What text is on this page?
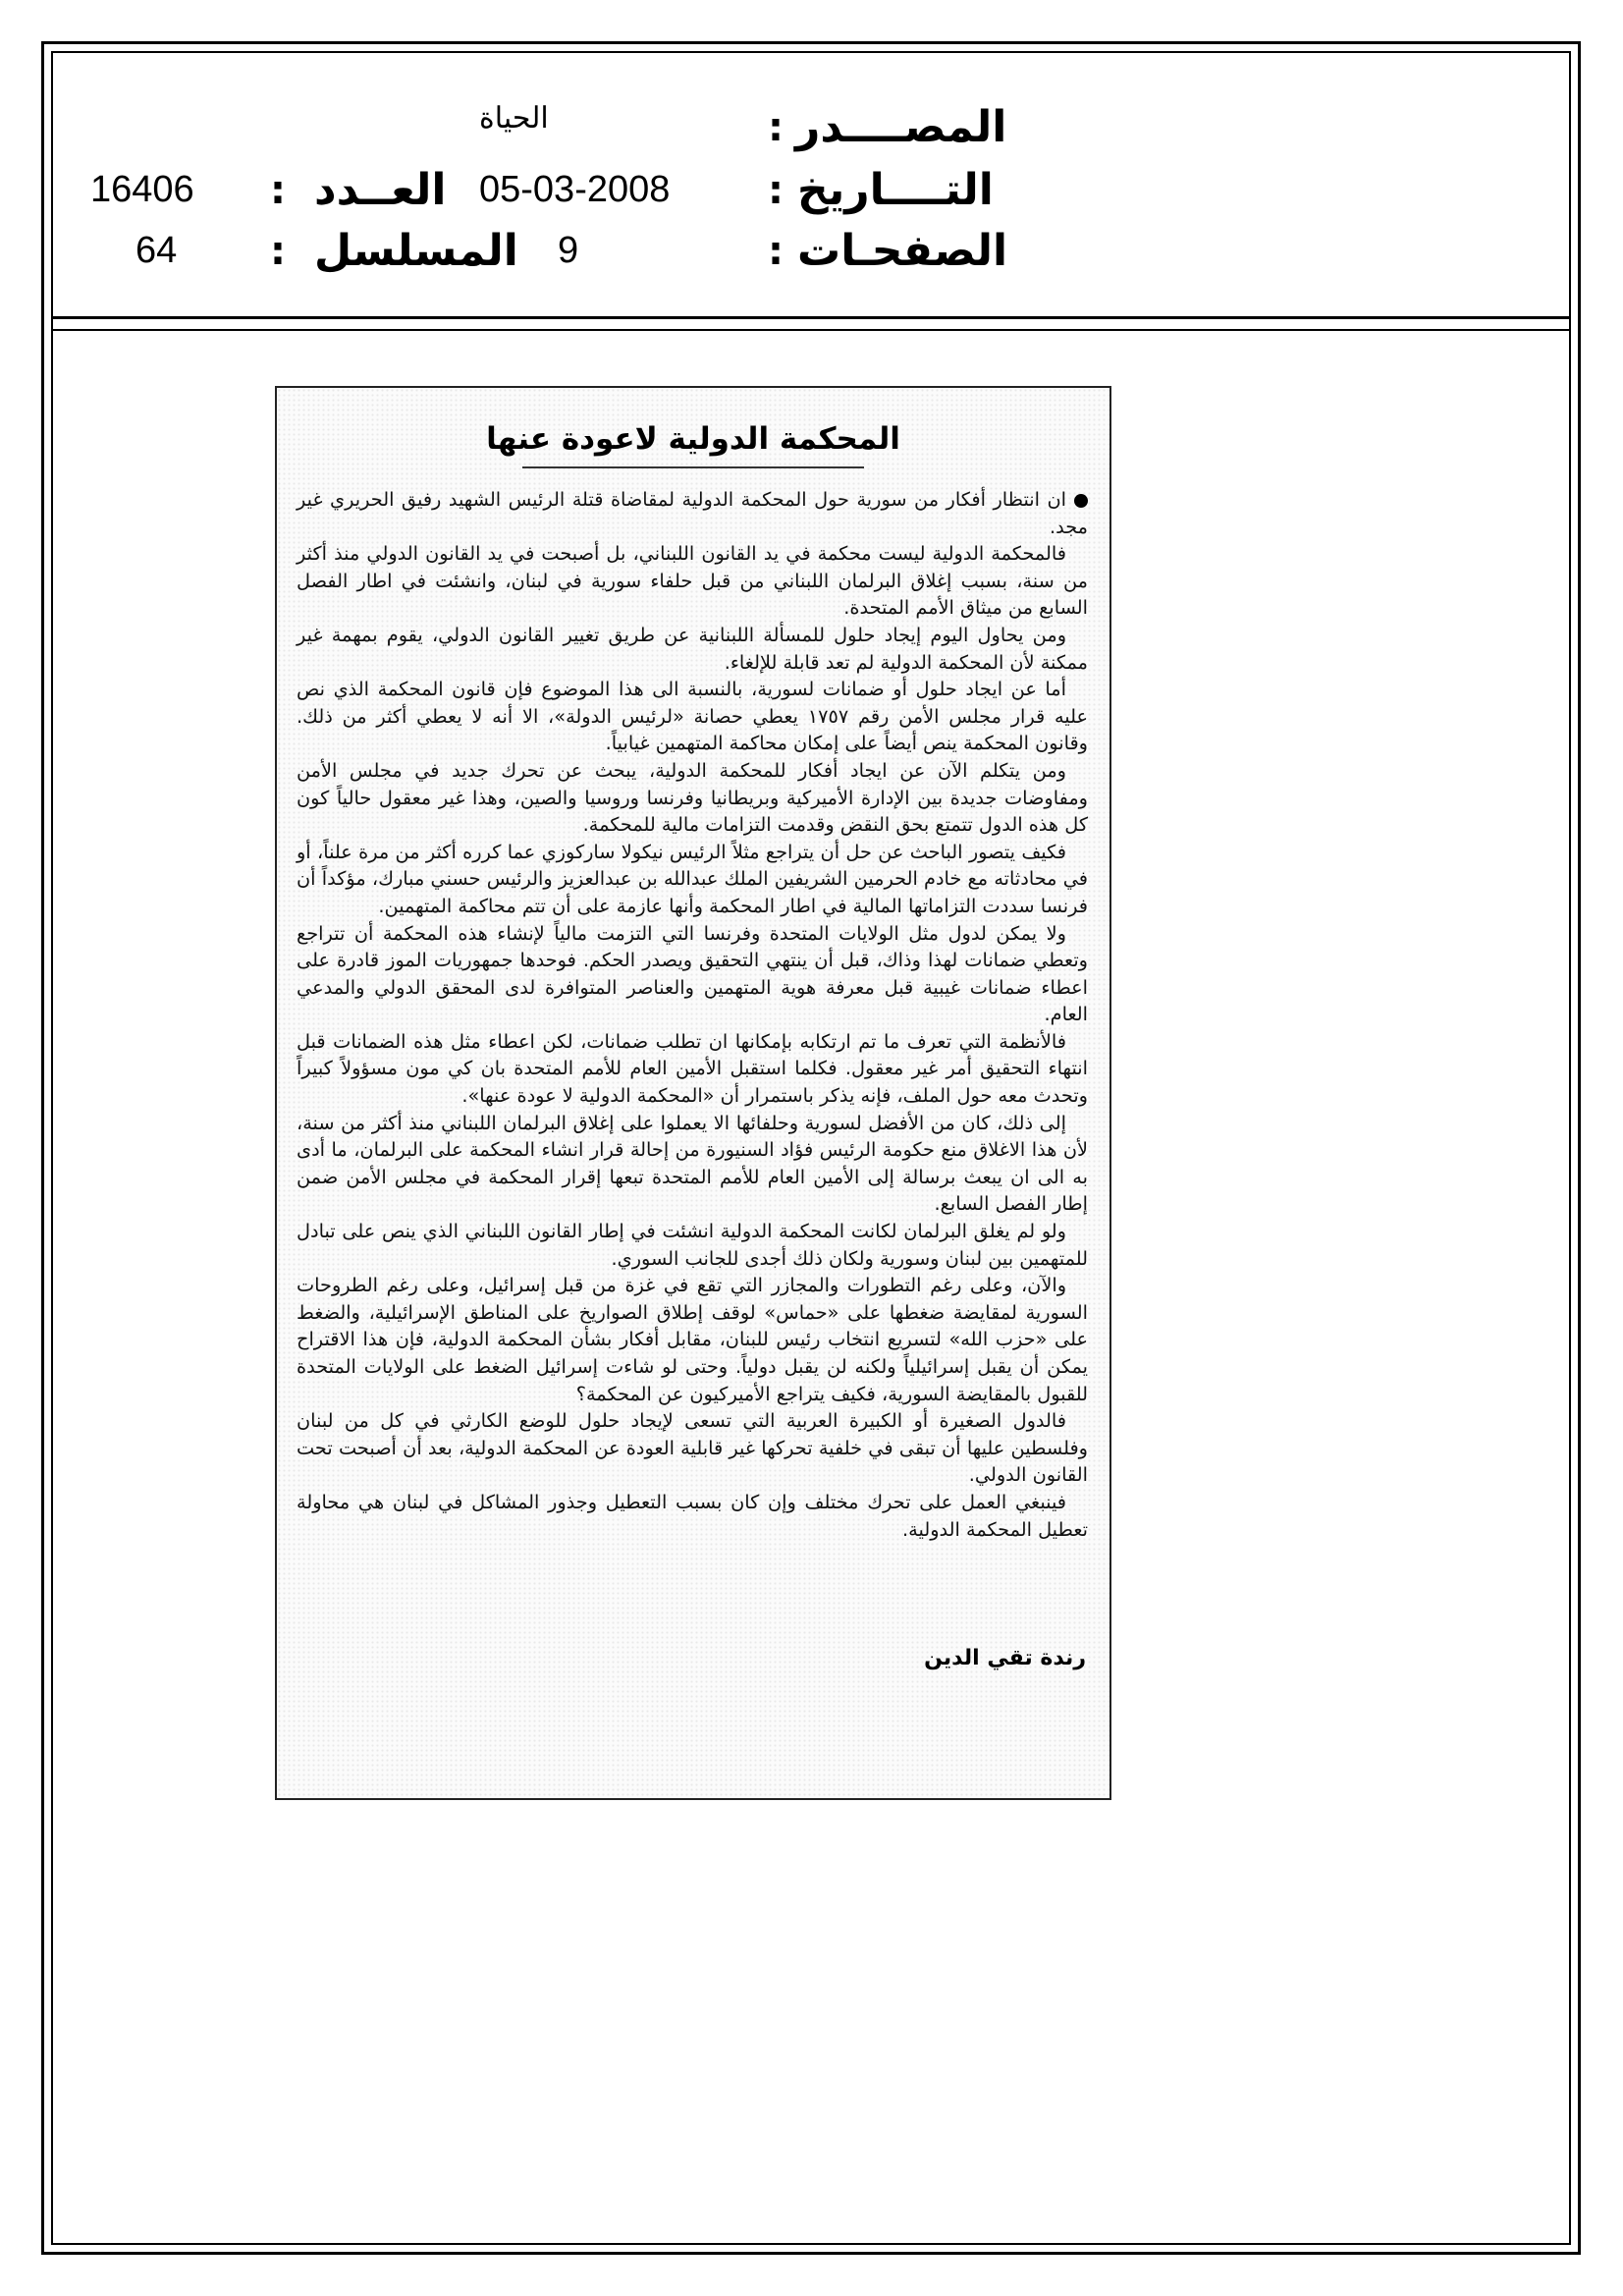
المصــــدر
:
الحياة
التــــاريخ
:
05-03-2008
العــدد
:
16406
الصفحـات
:
9
المسلسل
:
64
المحكمة الدولية لاعودة عنها

ان انتظار أفكار من سورية حول المحكمة الدولية لمقاضاة قتلة الرئيس الشهيد رفيق الحريري غير مجد.

فالمحكمة الدولية ليست محكمة في يد القانون اللبناني، بل أصبحت في يد القانون الدولي منذ أكثر من سنة، بسبب إغلاق البرلمان اللبناني من قبل حلفاء سورية في لبنان، وانشئت في اطار الفصل السابع من ميثاق الأمم المتحدة.

ومن يحاول اليوم إيجاد حلول للمسألة اللبنانية عن طريق تغيير القانون الدولي، يقوم بمهمة غير ممكنة لأن المحكمة الدولية لم تعد قابلة للإلغاء.

أما عن ايجاد حلول أو ضمانات لسورية، بالنسبة الى هذا الموضوع فإن قانون المحكمة الذي نص عليه قرار مجلس الأمن رقم ١٧٥٧ يعطي حصانة «لرئيس الدولة»، الا أنه لا يعطي أكثر من ذلك. وقانون المحكمة ينص أيضاً على إمكان محاكمة المتهمين غيابياً.

ومن يتكلم الآن عن ايجاد أفكار للمحكمة الدولية، يبحث عن تحرك جديد في مجلس الأمن ومفاوضات جديدة بين الإدارة الأميركية وبريطانيا وفرنسا وروسيا والصين، وهذا غير معقول حالياً كون كل هذه الدول تتمتع بحق النقض وقدمت التزامات مالية للمحكمة.

فكيف يتصور الباحث عن حل أن يتراجع مثلاً الرئيس نيكولا ساركوزي عما كرره أكثر من مرة علناً، أو في محادثاته مع خادم الحرمين الشريفين الملك عبدالله بن عبدالعزيز والرئيس حسني مبارك، مؤكداً أن فرنسا سددت التزاماتها المالية في اطار المحكمة وأنها عازمة على أن تتم محاكمة المتهمين.

ولا يمكن لدول مثل الولايات المتحدة وفرنسا التي التزمت مالياً لإنشاء هذه المحكمة أن تتراجع وتعطي ضمانات لهذا وذاك، قبل أن ينتهي التحقيق ويصدر الحكم. فوحدها جمهوريات الموز قادرة على اعطاء ضمانات غيبية قبل معرفة هوية المتهمين والعناصر المتوافرة لدى المحقق الدولي والمدعي العام.

فالأنظمة التي تعرف ما تم ارتكابه بإمكانها ان تطلب ضمانات، لكن اعطاء مثل هذه الضمانات قبل انتهاء التحقيق أمر غير معقول. فكلما استقبل الأمين العام للأمم المتحدة بان كي مون مسؤولاً كبيراً وتحدث معه حول الملف، فإنه يذكر باستمرار أن «المحكمة الدولية لا عودة عنها».

إلى ذلك، كان من الأفضل لسورية وحلفائها الا يعملوا على إغلاق البرلمان اللبناني منذ أكثر من سنة، لأن هذا الاغلاق منع حكومة الرئيس فؤاد السنيورة من إحالة قرار انشاء المحكمة على البرلمان، ما أدى به الى ان يبعث برسالة إلى الأمين العام للأمم المتحدة تبعها إقرار المحكمة في مجلس الأمن ضمن إطار الفصل السابع.

ولو لم يغلق البرلمان لكانت المحكمة الدولية انشئت في إطار القانون اللبناني الذي ينص على تبادل للمتهمين بين لبنان وسورية ولكان ذلك أجدى للجانب السوري.

والآن، وعلى رغم التطورات والمجازر التي تقع في غزة من قبل إسرائيل، وعلى رغم الطروحات السورية لمقايضة ضغطها على «حماس» لوقف إطلاق الصواريخ على المناطق الإسرائيلية، والضغط على «حزب الله» لتسريع انتخاب رئيس للبنان، مقابل أفكار بشأن المحكمة الدولية، فإن هذا الاقتراح يمكن أن يقبل إسرائيلياً ولكنه لن يقبل دولياً. وحتى لو شاءت إسرائيل الضغط على الولايات المتحدة للقبول بالمقايضة السورية، فكيف يتراجع الأميركيون عن المحكمة؟

فالدول الصغيرة أو الكبيرة العربية التي تسعى لإيجاد حلول للوضع الكارثي في كل من لبنان وفلسطين عليها أن تبقى في خلفية تحركها غير قابلية العودة عن المحكمة الدولية، بعد أن أصبحت تحت القانون الدولي.

فينبغي العمل على تحرك مختلف وإن كان بسبب التعطيل وجذور المشاكل في لبنان هي محاولة تعطيل المحكمة الدولية.

رندة تقي الدين
